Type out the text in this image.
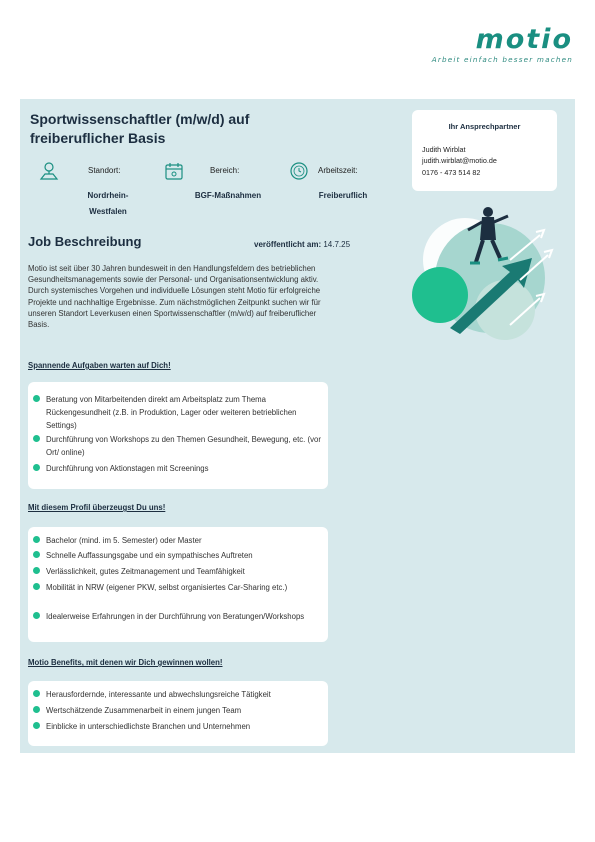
motio
Arbeit einfach besser machen
Sportwissenschaftler (m/w/d) auf freiberuflicher Basis
Standort:
Nordrhein-
Westfalen
Bereich:
BGF-Maßnahmen
Arbeitszeit:
Freiberuflich
Ihr Ansprechpartner
Judith Wirblat
judith.wirblat@motio.de
0176 - 473 514 82
Job Beschreibung	veröffentlicht am: 14.7.25
Motio ist seit über 30 Jahren bundesweit in den Handlungsfeldern des betrieblichen Gesundheitsmanagements sowie der Personal- und Organisationsentwicklung aktiv. Durch systemisches Vorgehen und individuelle Lösungen steht Motio für erfolgreiche Projekte und nachhaltige Ergebnisse. Zum nächstmöglichen Zeitpunkt suchen wir für unseren Standort Leverkusen einen Sportwissenschaftler (m/w/d) auf freiberuflicher Basis.
Spannende Aufgaben warten auf Dich!
Beratung von Mitarbeitenden direkt am Arbeitsplatz zum Thema Rückengesundheit (z.B. in Produktion, Lager oder weiteren betrieblichen Settings)
Durchführung von Workshops zu den Themen Gesundheit, Bewegung, etc. (vor Ort/ online)
Durchführung von Aktionstagen mit Screenings
Mit diesem Profil überzeugst Du uns!
Bachelor (mind. im 5. Semester) oder Master
Schnelle Auffassungsgabe und ein sympathisches Auftreten
Verlässlichkeit, gutes Zeitmanagement und Teamfähigkeit
Mobilität in NRW (eigener PKW, selbst organisiertes Car-Sharing etc.)
Idealerweise Erfahrungen in der Durchführung von Beratungen/Workshops
Motio Benefits, mit denen wir Dich gewinnen wollen!
Herausfordernde, interessante und abwechslungsreiche Tätigkeit
Wertschätzende Zusammenarbeit in einem jungen Team
Einblicke in unterschiedlichste Branchen und Unternehmen
